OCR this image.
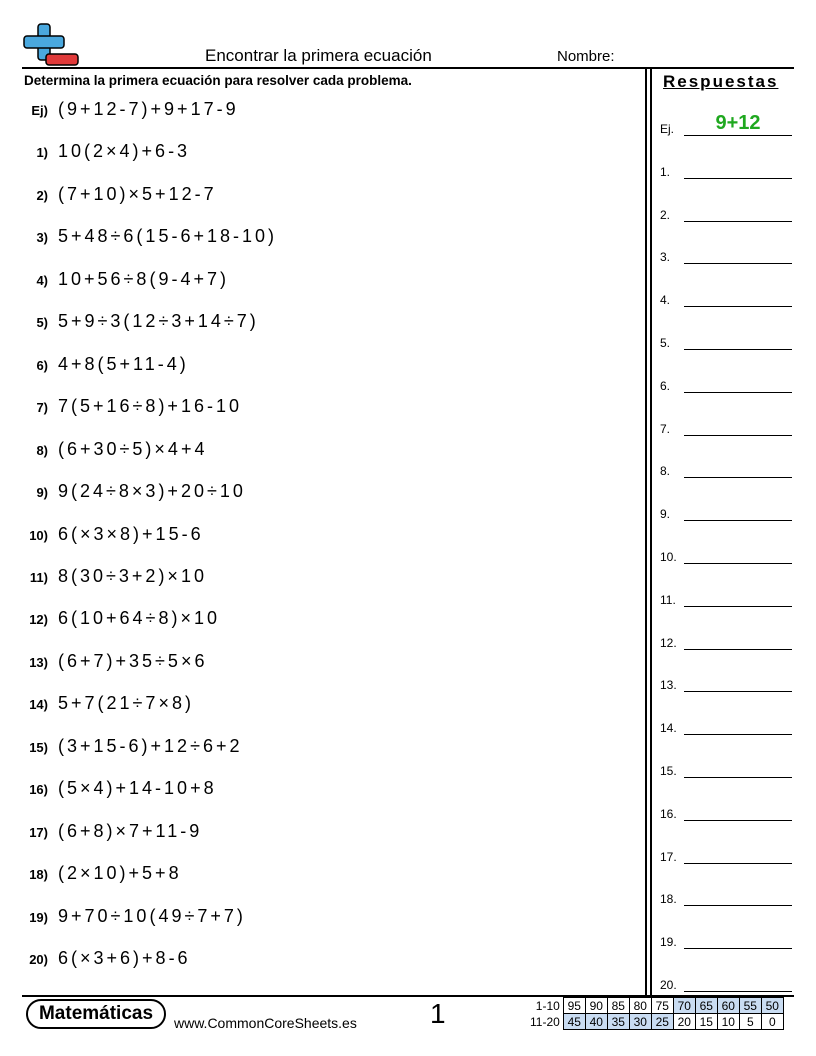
Encontrar la primera ecuación	Nombre:
Determina la primera ecuación para resolver cada problema.
Ej) (9+12-7)+9+17-9
1) 10(2×4)+6-3
2) (7+10)×5+12-7
3) 5+48÷6(15-6+18-10)
4) 10+56÷8(9-4+7)
5) 5+9÷3(12÷3+14÷7)
6) 4+8(5+11-4)
7) 7(5+16÷8)+16-10
8) (6+30÷5)×4+4
9) 9(24÷8×3)+20÷10
10) 6(×3×8)+15-6
11) 8(30÷3+2)×10
12) 6(10+64÷8)×10
13) (6+7)+35÷5×6
14) 5+7(21÷7×8)
15) (3+15-6)+12÷6+2
16) (5×4)+14-10+8
17) (6+8)×7+11-9
18) (2×10)+5+8
19) 9+70÷10(49÷7+7)
20) 6(×3+6)+8-6
Respuestas
Ej.	9+12
1.
2.
3.
4.
5.
6.
7.
8.
9.
10.
11.
12.
13.
14.
15.
16.
17.
18.
19.
20.
Matemáticas	www.CommonCoreSheets.es	1	1-10	95	90	85	80	75	70	65	60	55	50
11-20	45	40	35	30	25	20	15	10	5	0
